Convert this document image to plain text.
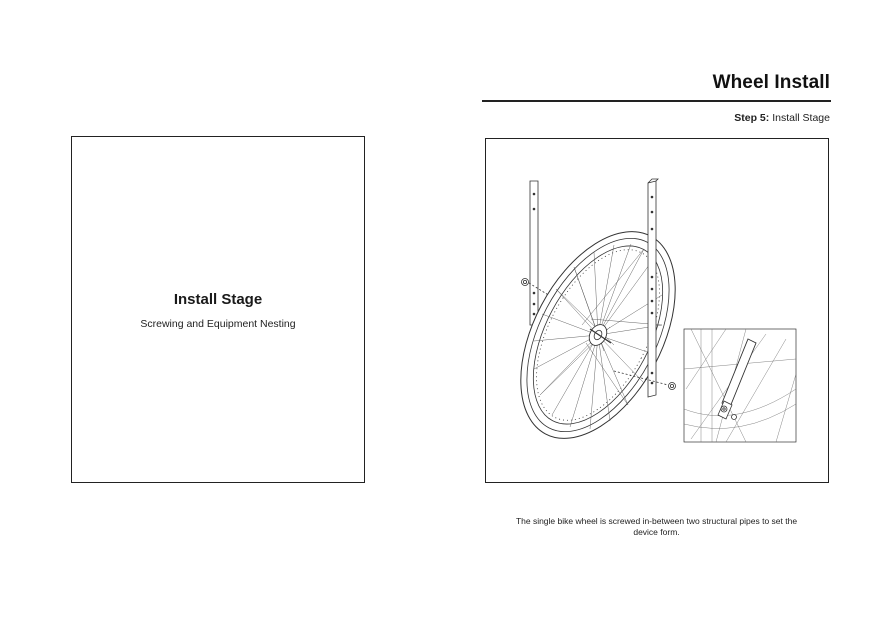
Install Stage
Screwing and Equipment Nesting
Wheel Install
Step 5: Install Stage
The single bike wheel is screwed in-between two structural pipes to set the device form.
